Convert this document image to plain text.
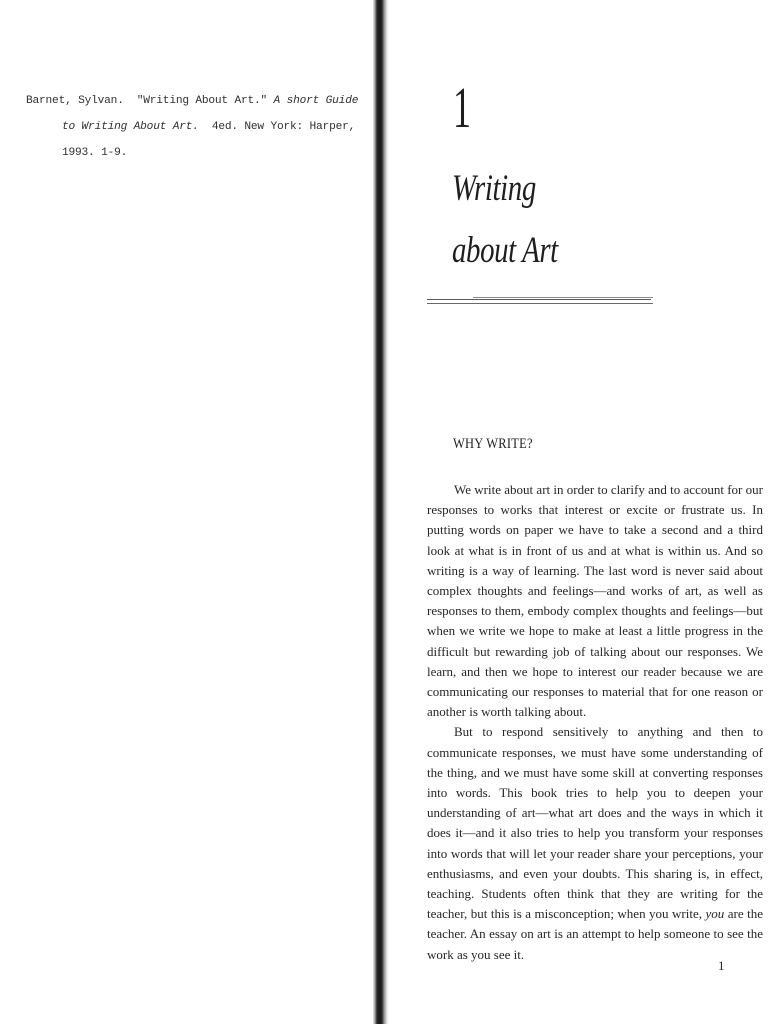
Barnet, Sylvan. "Writing About Art." A short Guide
to Writing About Art. 4ed. New York: Harper,
1993. 1-9.
1
Writing
about Art
WHY WRITE?

We write about art in order to clarify and to account for our responses to works that interest or excite or frustrate us. In putting words on paper we have to take a second and a third look at what is in front of us and at what is within us. And so writing is a way of learning. The last word is never said about complex thoughts and feelings—and works of art, as well as responses to them, embody complex thoughts and feelings—but when we write we hope to make at least a little progress in the difficult but rewarding job of talking about our responses. We learn, and then we hope to interest our reader because we are communicating our responses to material that for one reason or another is worth talking about.

But to respond sensitively to anything and then to communicate responses, we must have some understanding of the thing, and we must have some skill at converting responses into words. This book tries to help you to deepen your understanding of art—what art does and the ways in which it does it—and it also tries to help you transform your responses into words that will let your reader share your perceptions, your enthusiasms, and even your doubts. This sharing is, in effect, teaching. Students often think that they are writing for the teacher, but this is a misconception; when you write, you are the teacher. An essay on art is an attempt to help someone to see the work as you see it.

1
